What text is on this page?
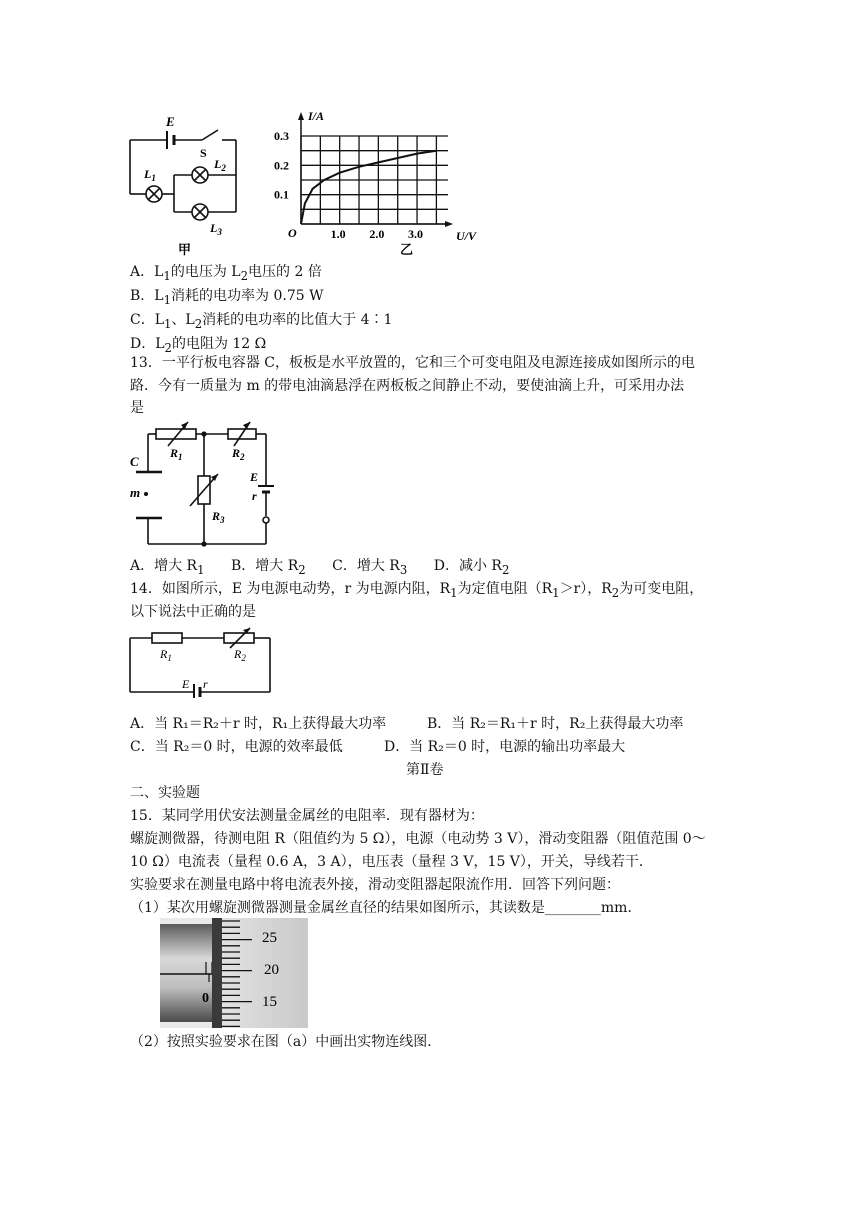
E
S
$L_1$
$L_2$
$L_3$
甲
I/A
U/V
O
0.3
0.2
0.1
1.0 2.0 3.0
乙
A．$L_1$的电压为 $L_2$电压的 2 倍
B．$L_1$消耗的电功率为 0.75 W
C．$L_1$、$L_2$消耗的电功率的比值大于 4∶1
D．$L_2$的电阻为 12 Ω
13．一平行板电容器 C，板板是水平放置的，它和三个可变电阻及电源连接成如图所示的电
路．今有一质量为 m 的带电油滴悬浮在两板板之间静止不动，要使油滴上升，可采用办法
是
C
m
$R_1$	$R_2$
$R_3$
E
r
A．增大 $R_1$ B．增大 $R_2$ C．增大 $R_3$ D．减小 $R_2$
14．如图所示，E 为电源电动势，r 为电源内阻，$R_1$为定值电阻$(R_1>r)$，$R_2$为可变电阻，
以下说法中正确的是
$R_1$	$R_2$
E r
A．当 R₁＝R₂＋r 时，R₁上获得最大功率	B．当 R₂＝R₁＋r 时，R₂上获得最大功率
C．当 R₂＝0 时，电源的效率最低	D．当 R₂＝0 时，电源的输出功率最大
第Ⅱ卷
二、实验题
15．某同学用伏安法测量金属丝的电阻率．现有器材为：
螺旋测微器，待测电阻 R（阻值约为 5 Ω），电源（电动势 3 V），滑动变阻器（阻值范围 0～
10 Ω）电流表（量程 0.6 A，3 A），电压表（量程 3 V，15 V），开关，导线若干．
实验要求在测量电路中将电流表外接，滑动变阻器起限流作用．回答下列问题：
（1）某次用螺旋测微器测量金属丝直径的结果如图所示，其读数是________mm．
0
25
20
15
（2）按照实验要求在图（a）中画出实物连线图．
